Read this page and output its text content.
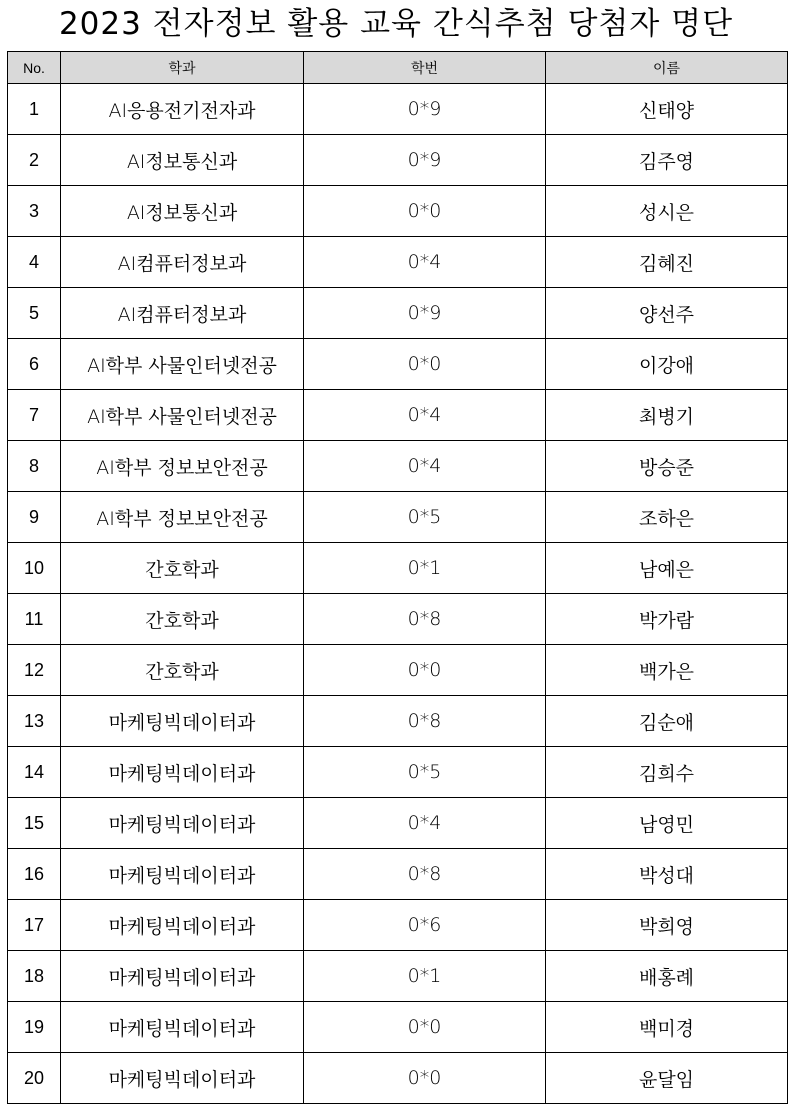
2023 전자정보 활용 교육 간식추첨 당첨자 명단
No.	학과	학번	이름
1	AI응용전기전자과	0*9	신태양
2	AI정보통신과	0*9	김주영
3	AI정보통신과	0*0	성시은
4	AI컴퓨터정보과	0*4	김혜진
5	AI컴퓨터정보과	0*9	양선주
6	AI학부 사물인터넷전공	0*0	이강애
7	AI학부 사물인터넷전공	0*4	최병기
8	AI학부 정보보안전공	0*4	방승준
9	AI학부 정보보안전공	0*5	조하은
10	간호학과	0*1	남예은
11	간호학과	0*8	박가람
12	간호학과	0*0	백가은
13	마케팅빅데이터과	0*8	김순애
14	마케팅빅데이터과	0*5	김희수
15	마케팅빅데이터과	0*4	남영민
16	마케팅빅데이터과	0*8	박성대
17	마케팅빅데이터과	0*6	박희영
18	마케팅빅데이터과	0*1	배홍례
19	마케팅빅데이터과	0*0	백미경
20	마케팅빅데이터과	0*0	윤달임
